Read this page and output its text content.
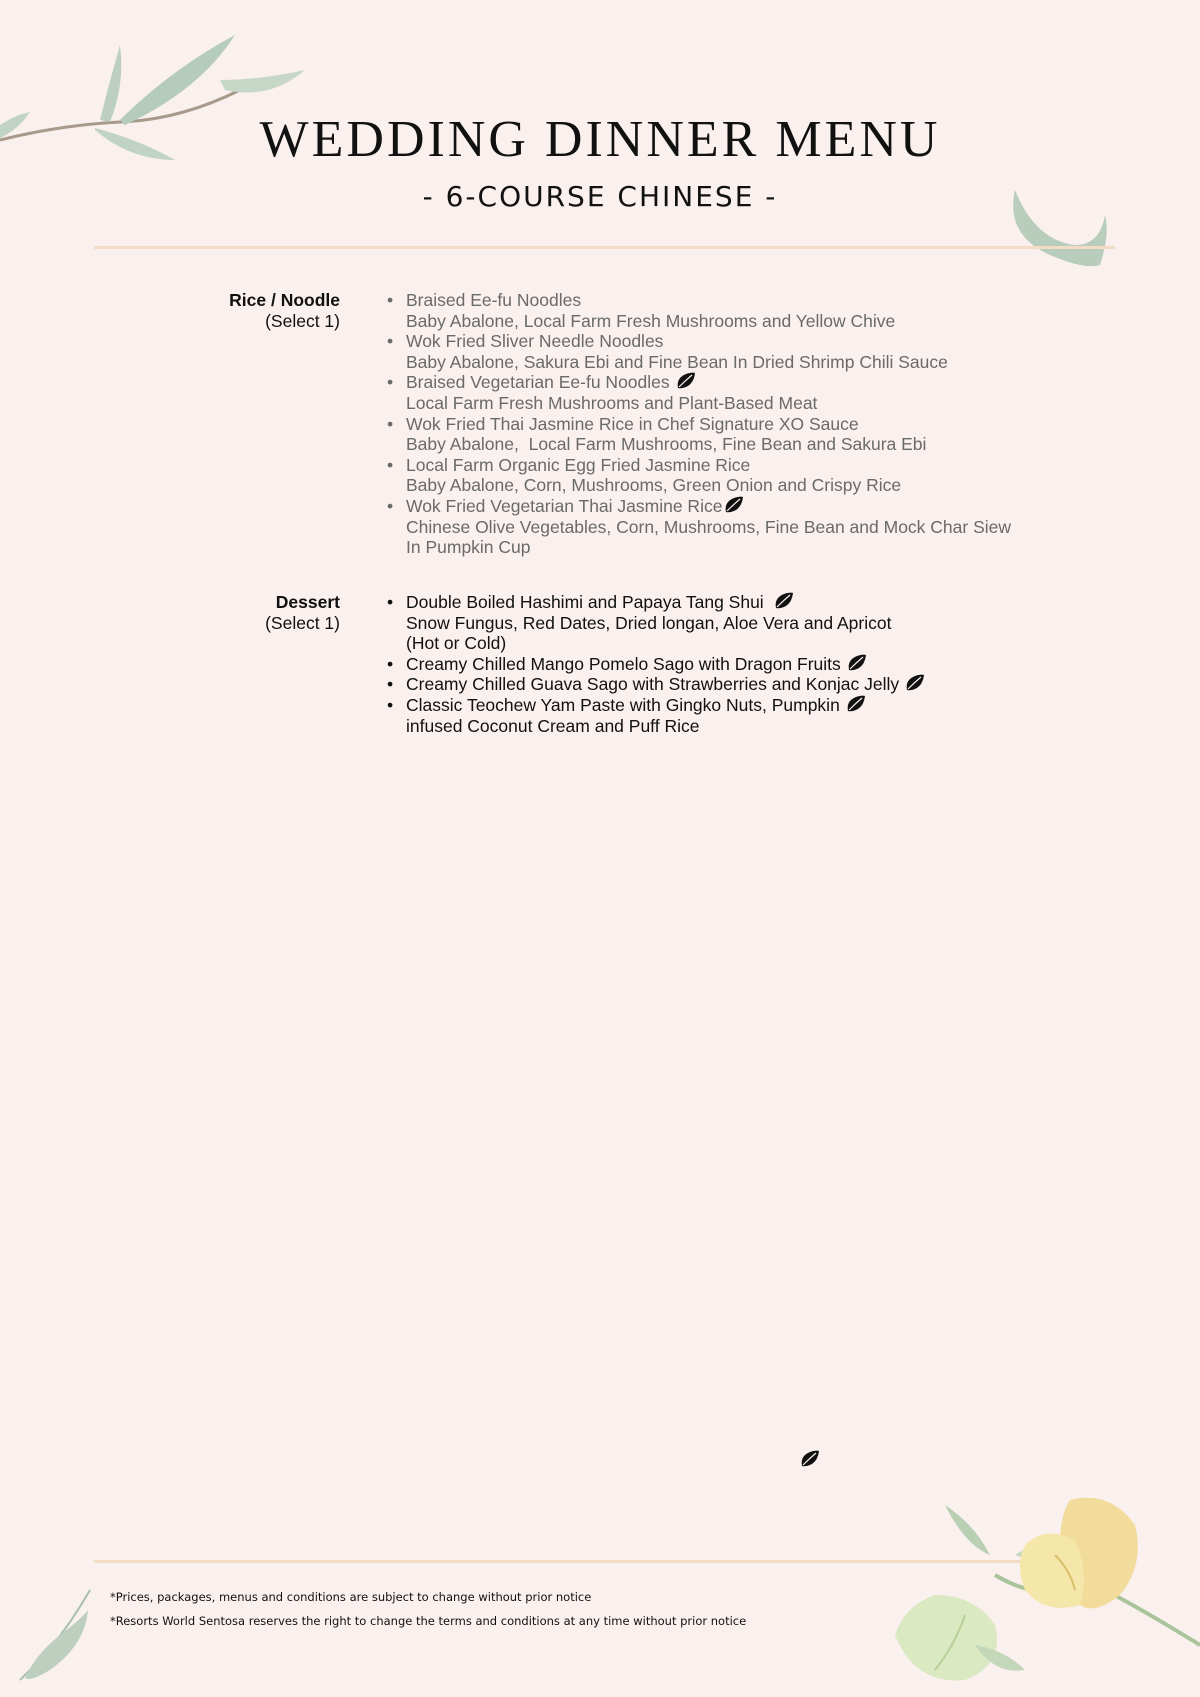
WEDDING DINNER MENU
- 6-COURSE CHINESE -
Rice / Noodle
(Select 1)
• Braised Ee-fu Noodles
Baby Abalone, Local Farm Fresh Mushrooms and Yellow Chive
• Wok Fried Sliver Needle Noodles
Baby Abalone, Sakura Ebi and Fine Bean In Dried Shrimp Chili Sauce
• Braised Vegetarian Ee-fu Noodles
Local Farm Fresh Mushrooms and Plant-Based Meat
• Wok Fried Thai Jasmine Rice in Chef Signature XO Sauce
Baby Abalone,  Local Farm Mushrooms, Fine Bean and Sakura Ebi
• Local Farm Organic Egg Fried Jasmine Rice
Baby Abalone, Corn, Mushrooms, Green Onion and Crispy Rice
• Wok Fried Vegetarian Thai Jasmine Rice
Chinese Olive Vegetables, Corn, Mushrooms, Fine Bean and Mock Char Siew
In Pumpkin Cup
Dessert
(Select 1)
• Double Boiled Hashimi and Papaya Tang Shui
Snow Fungus, Red Dates, Dried longan, Aloe Vera and Apricot
(Hot or Cold)
• Creamy Chilled Mango Pomelo Sago with Dragon Fruits
• Creamy Chilled Guava Sago with Strawberries and Konjac Jelly
• Classic Teochew Yam Paste with Gingko Nuts, Pumpkin
infused Coconut Cream and Puff Rice

*Prices, packages, menus and conditions are subject to change without prior notice

*Resorts World Sentosa reserves the right to change the terms and conditions at any time without prior notice
